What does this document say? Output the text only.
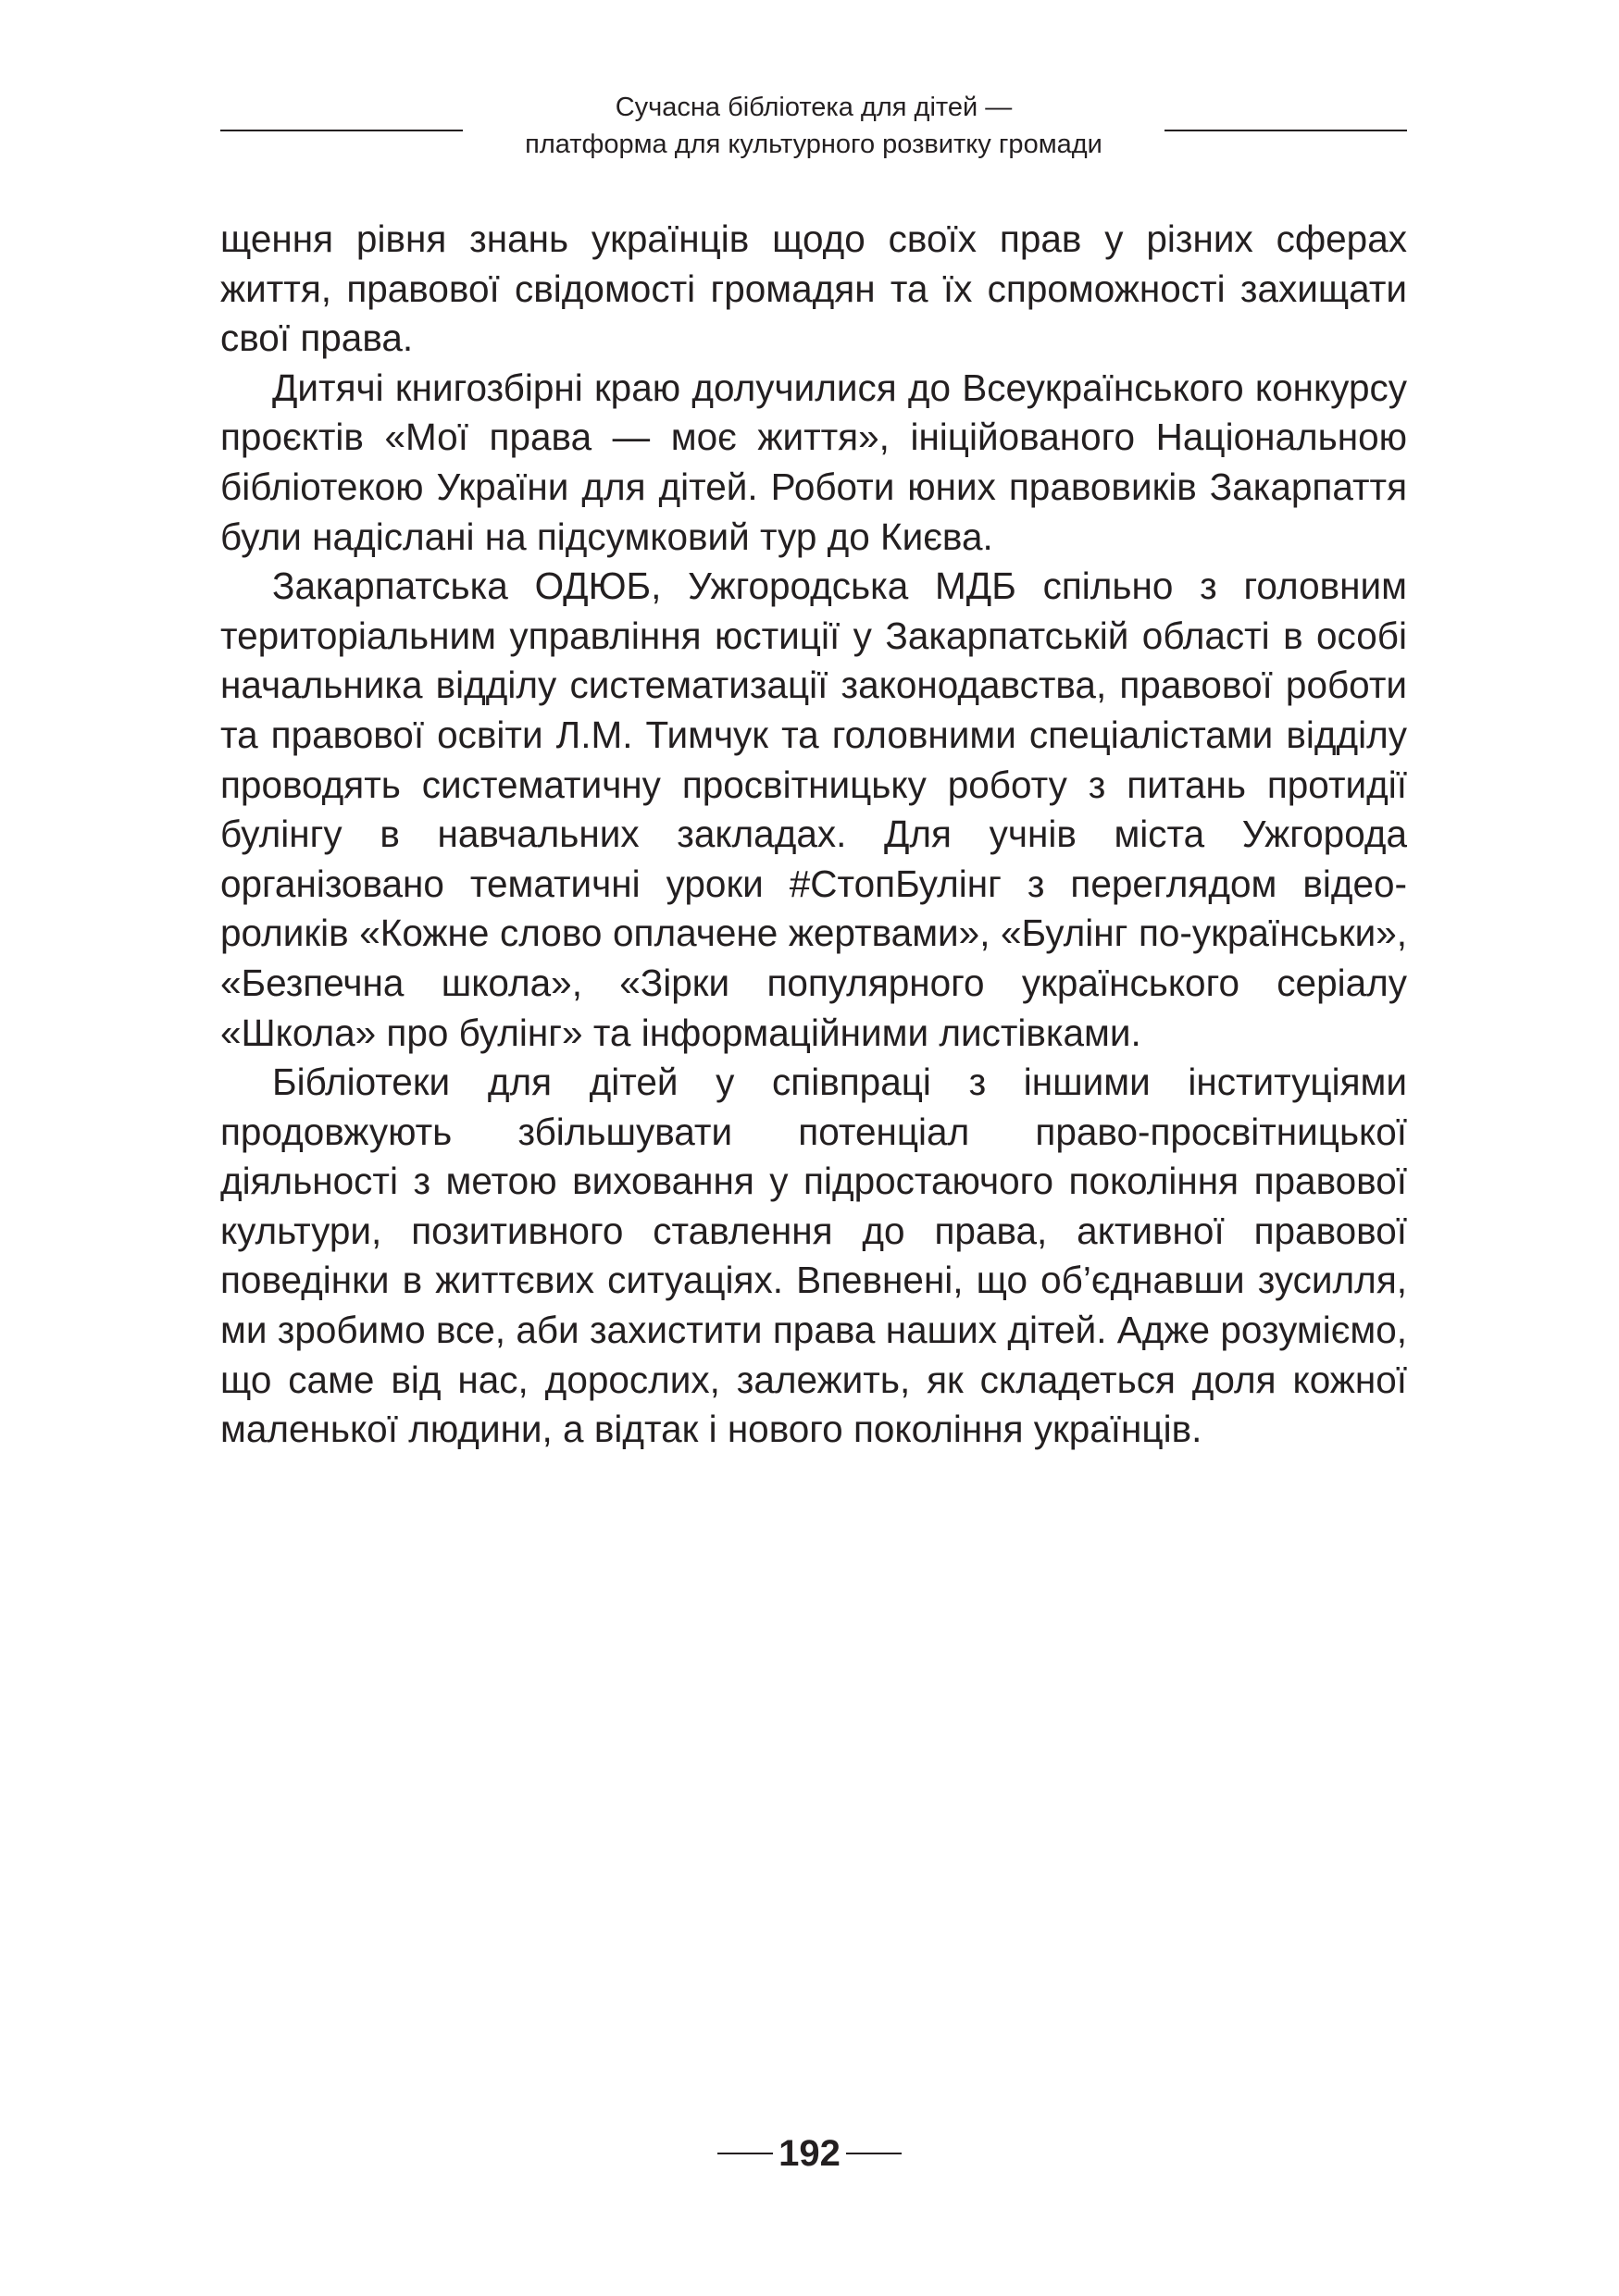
Сучасна бібліотека для дітей —
платформа для культурного розвитку громади

щення рівня знань українців щодо своїх прав у різних сферах життя, правової свідомості громадян та їх спроможності захищати свої права.

Дитячі книгозбірні краю долучилися до Всеукраїнського конкурсу проєктів «Мої права — моє життя», ініційованого Національною бібліотекою України для дітей. Роботи юних правовиків Закарпаття були надіслані на підсумковий тур до Києва.

Закарпатська ОДЮБ, Ужгородська МДБ спільно з головним територіальним управління юстиції у Закарпатській області в особі начальника відділу систематизації законодавства, правової роботи та правової освіти Л.М. Тимчук та головними спеціалістами відділу проводять систематичну просвітницьку роботу з питань протидії булінгу в навчальних закладах. Для учнів міста Ужгорода організовано тематичні уроки #СтопБулінг з переглядом відео-роликів «Кожне слово оплачене жертвами», «Булінг по-українськи», «Безпечна школа», «Зірки популярного українського серіалу «Школа» про булінг» та інформаційними листівками.

Бібліотеки для дітей у співпраці з іншими інституціями продовжують збільшувати потенціал право-просвітницької діяльності з метою виховання у підростаючого покоління правової культури, позитивного ставлення до права, активної правової поведінки в життєвих ситуаціях. Впевнені, що об’єднавши зусилля, ми зробимо все, аби захистити права наших дітей. Адже розуміємо, що саме від нас, дорослих, залежить, як складеться доля кожної маленької людини, а відтак і нового покоління українців.

192
